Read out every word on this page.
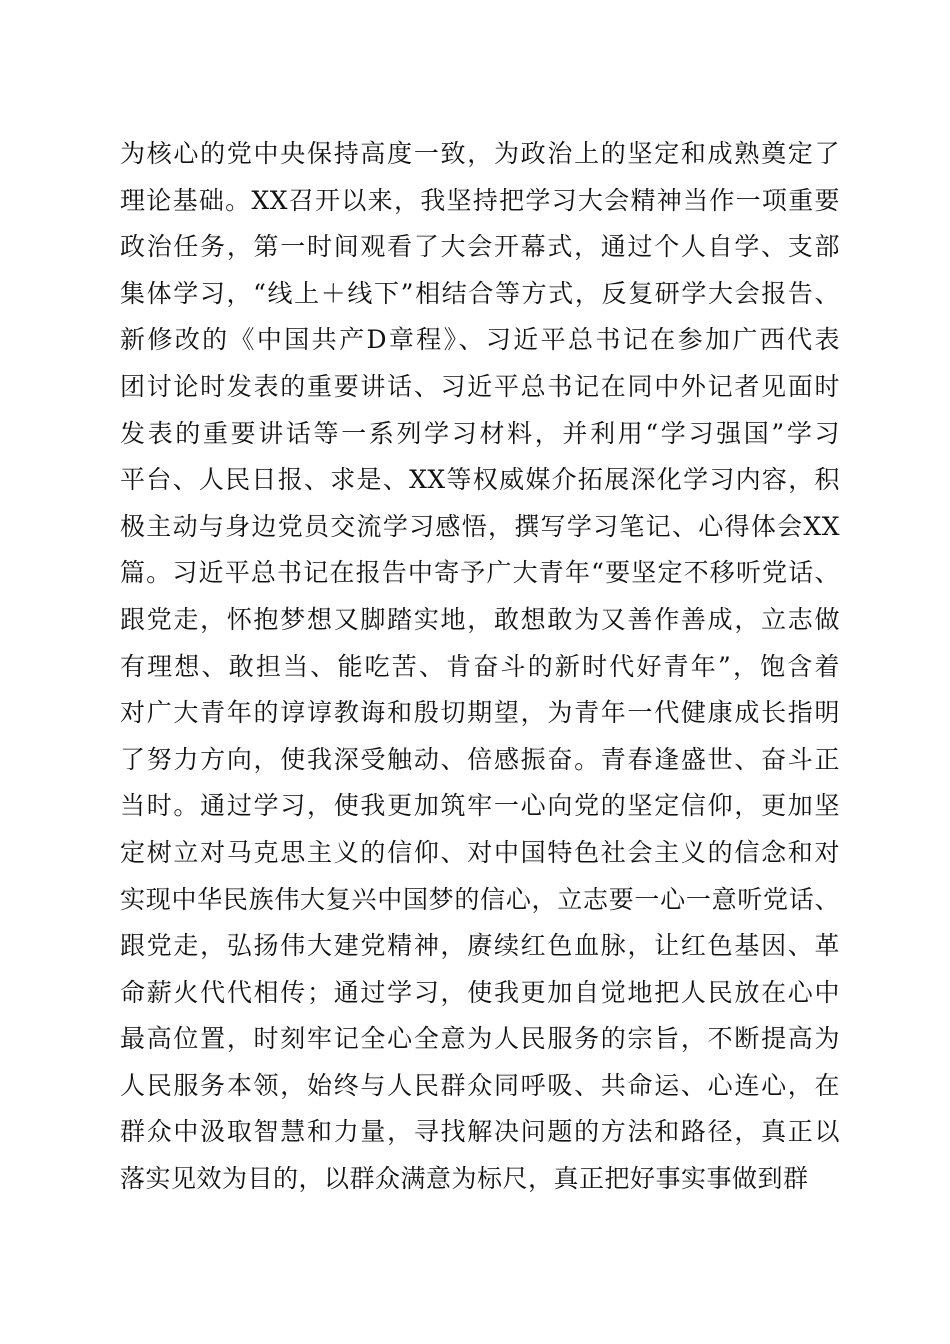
为核心的党中央保持高度一致，为政治上的坚定和成熟奠定了
理论基础。XX召开以来，我坚持把学习大会精神当作一项重要
政治任务，第一时间观看了大会开幕式，通过个人自学、支部
集体学习，“线上＋线下”相结合等方式，反复研学大会报告、
新修改的《中国共产D章程》、习近平总书记在参加广西代表
团讨论时发表的重要讲话、习近平总书记在同中外记者见面时
发表的重要讲话等一系列学习材料，并利用“学习强国”学习
平台、人民日报、求是、XX等权威媒介拓展深化学习内容，积
极主动与身边党员交流学习感悟，撰写学习笔记、心得体会XX
篇。习近平总书记在报告中寄予广大青年“要坚定不移听党话、
跟党走，怀抱梦想又脚踏实地，敢想敢为又善作善成，立志做
有理想、敢担当、能吃苦、肯奋斗的新时代好青年”，饱含着
对广大青年的谆谆教诲和殷切期望，为青年一代健康成长指明
了努力方向，使我深受触动、倍感振奋。青春逢盛世、奋斗正
当时。通过学习，使我更加筑牢一心向党的坚定信仰，更加坚
定树立对马克思主义的信仰、对中国特色社会主义的信念和对
实现中华民族伟大复兴中国梦的信心，立志要一心一意听党话、
跟党走，弘扬伟大建党精神，赓续红色血脉，让红色基因、革
命薪火代代相传；通过学习，使我更加自觉地把人民放在心中
最高位置，时刻牢记全心全意为人民服务的宗旨，不断提高为
人民服务本领，始终与人民群众同呼吸、共命运、心连心，在
群众中汲取智慧和力量，寻找解决问题的方法和路径，真正以
落实见效为目的，以群众满意为标尺，真正把好事实事做到群
